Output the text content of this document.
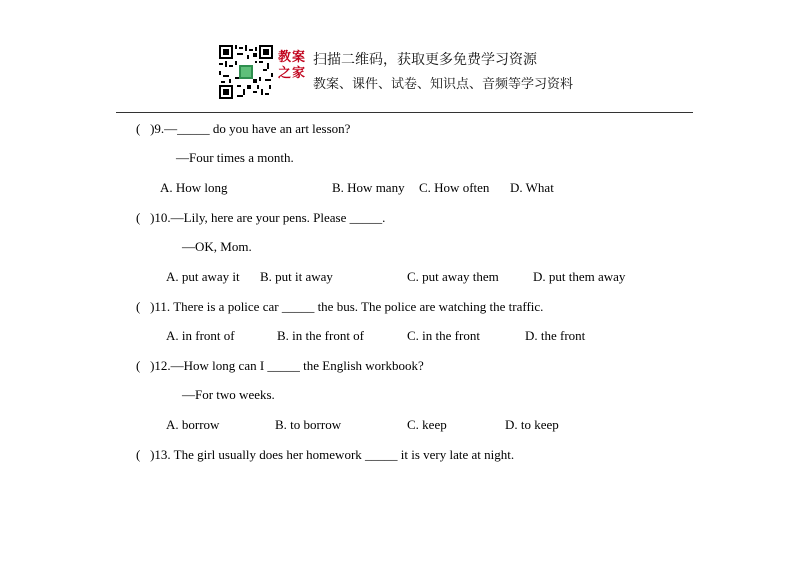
教案
之家
扫描二维码，获取更多免费学习资源
教案、课件、试卷、知识点、音频等学习资料
(   )9.—_____ do you have an art lesson?
—Four times a month.
A. How long	B. How many C. How often D. What
(   )10.—Lily, here are your pens. Please _____.
—OK, Mom.
A. put away it B. put it away	C. put away them	D. put them away
(   )11. There is a police car _____ the bus. The police are watching the traffic.
A. in front of	B. in the front of	C. in the front	D. the front
(   )12.—How long can I _____ the English workbook?
—For two weeks.
A. borrow	B. to borrow	C. keep	D. to keep
(   )13. The girl usually does her homework _____ it is very late at night.
